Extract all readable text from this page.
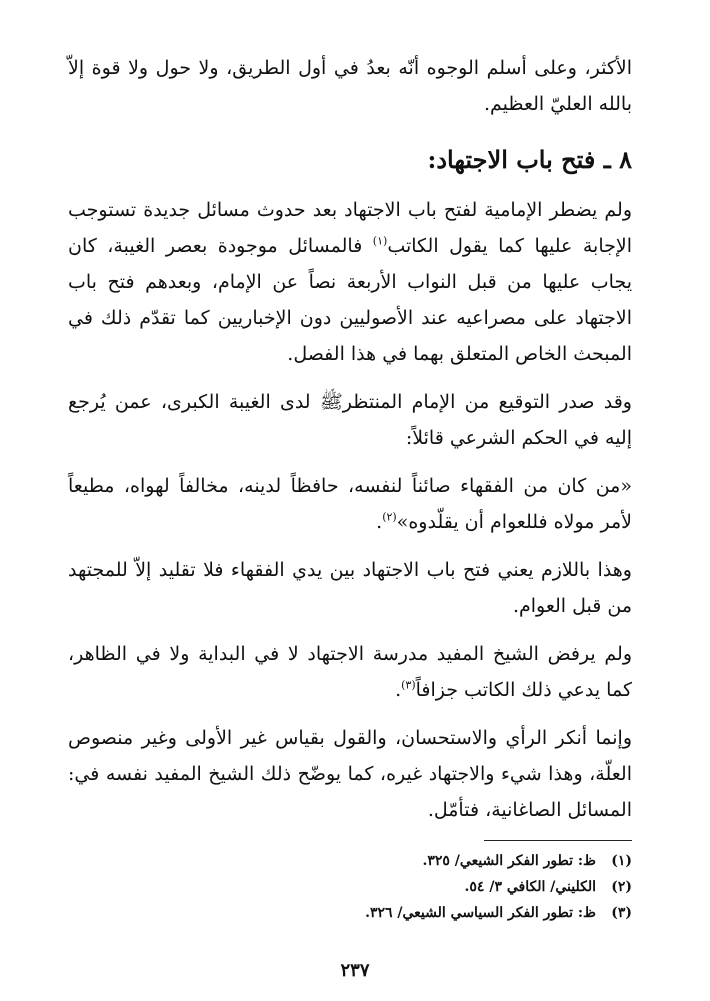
الأكثر، وعلى أسلم الوجوه أنّه بعدُ في أول الطريق، ولا حول ولا قوة إلاّ بالله العليّ العظيم.

٨ ـ فتح باب الاجتهاد:

ولم يضطر الإمامية لفتح باب الاجتهاد بعد حدوث مسائل جديدة تستوجب الإجابة عليها كما يقول الكاتب$^{(١)}$ فالمسائل موجودة بعصر الغيبة، كان يجاب عليها من قبل النواب الأربعة نصاً عن الإمام، وبعدهم فتح باب الاجتهاد على مصراعيه عند الأصوليين دون الإخباريين كما تقدّم ذلك في المبحث الخاص المتعلق بهما في هذا الفصل.

وقد صدر التوقيع من الإمام المنتظرﷺ لدى الغيبة الكبرى، عمن يُرجع إليه في الحكم الشرعي قائلاً:

«من كان من الفقهاء صائناً لنفسه، حافظاً لدينه، مخالفاً لهواه، مطيعاً لأمر مولاه فللعوام أن يقلّدوه»$^{(٢)}$.

وهذا باللازم يعني فتح باب الاجتهاد بين يدي الفقهاء فلا تقليد إلاّ للمجتهد من قبل العوام.

ولم يرفض الشيخ المفيد مدرسة الاجتهاد لا في البداية ولا في الظاهر، كما يدعي ذلك الكاتب جزافاً$^{(٣)}$.

وإنما أنكر الرأي والاستحسان، والقول بقياس غير الأولى وغير منصوص العلّة، وهذا شيء والاجتهاد غيره، كما يوضّح ذلك الشيخ المفيد نفسه في: المسائل الصاغانية، فتأمّل.

(١)
ظ: تطور الفكر الشيعي/ ٣٢٥.
(٢)
الكليني/ الكافي ٣/ ٥٤.
(٣)
ظ: تطور الفكر السياسي الشيعي/ ٣٢٦.
٢٣٧
